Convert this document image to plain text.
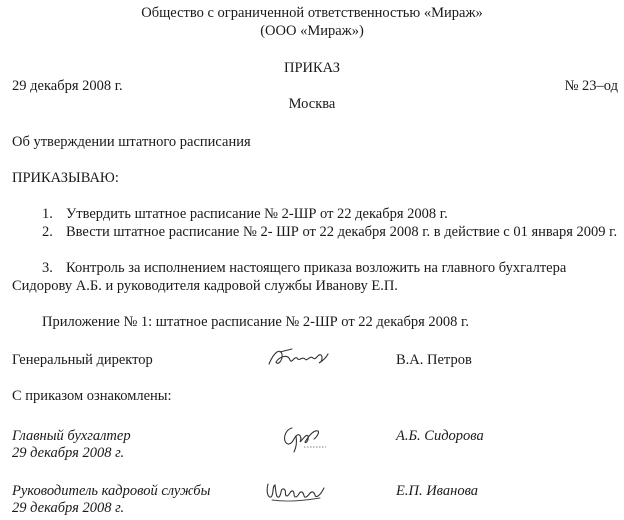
Общество с ограниченной ответственностью «Мираж»
(ООО «Мираж»)
ПРИКАЗ
29 декабря 2008 г.	№ 23–од
Москва
Об утверждении штатного расписания
ПРИКАЗЫВАЮ:
1. Утвердить штатное расписание № 2-ШР от 22 декабря 2008 г.
2. Ввести штатное расписание № 2- ШР от 22 декабря 2008 г. в действие с 01 января 2009 г.
3. Контроль за исполнением настоящего приказа возложить на главного бухгалтера Сидорову А.Б. и руководителя кадровой службы Иванову Е.П.
Приложение № 1: штатное расписание № 2-ШР от 22 декабря 2008 г.
Генеральный директор	В.А. Петров
С приказом ознакомлены:
Главный бухгалтер
29 декабря 2008 г.
А.Б. Сидорова
Руководитель кадровой службы
29 декабря 2008 г.
Е.П. Иванова
